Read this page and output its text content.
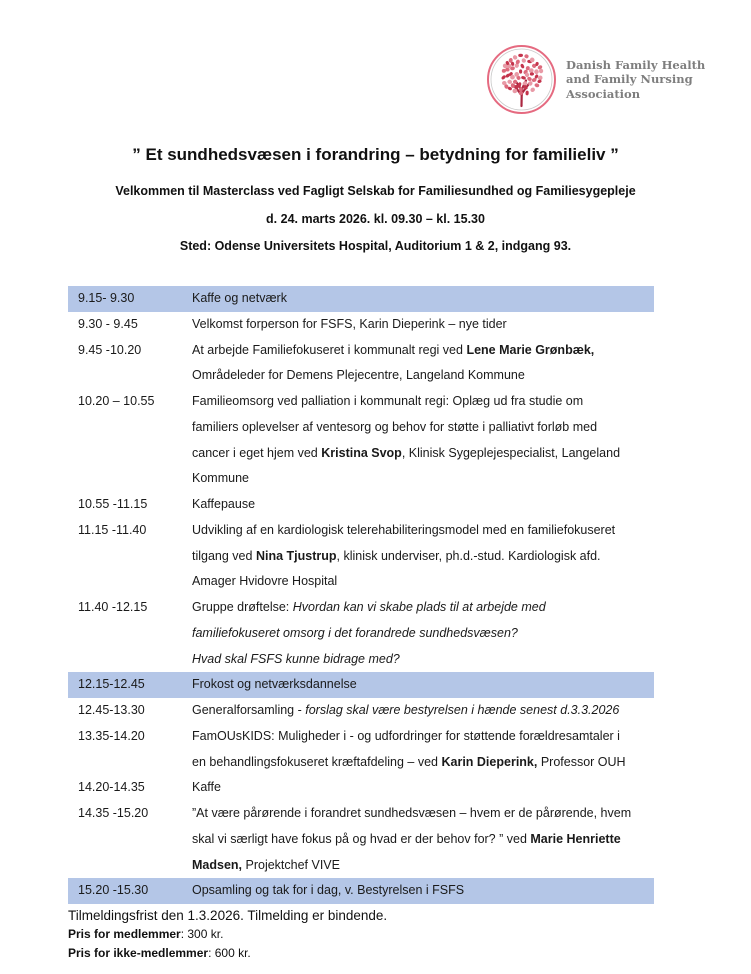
Danish Family Health
and Family Nursing
Association
” Et sundhedsvæsen i forandring – betydning for familieliv ”
Velkommen til Masterclass ved Fagligt Selskab for Familiesundhed og Familiesygepleje
d. 24. marts 2026. kl. 09.30 – kl. 15.30
Sted: Odense Universitets Hospital, Auditorium 1 & 2, indgang 93.
9.15- 9.30	Kaffe og netværk
9.30 - 9.45	Velkomst forperson for FSFS, Karin Dieperink – nye tider
9.45 -10.20	At arbejde Familiefokuseret i kommunalt regi ved Lene Marie Grønbæk,
Områdeleder for Demens Plejecentre, Langeland Kommune
10.20 – 10.55	Familieomsorg ved palliation i kommunalt regi: Oplæg ud fra studie om
familiers oplevelser af ventesorg og behov for støtte i palliativt forløb med
cancer i eget hjem ved Kristina Svop, Klinisk Sygeplejespecialist, Langeland
Kommune
10.55 -11.15	Kaffepause
11.15 -11.40	Udvikling af en kardiologisk telerehabiliteringsmodel med en familiefokuseret
tilgang ved Nina Tjustrup, klinisk underviser, ph.d.-stud. Kardiologisk afd.
Amager Hvidovre Hospital
11.40 -12.15	Gruppe drøftelse: Hvordan kan vi skabe plads til at arbejde med
familiefokuseret omsorg i det forandrede sundhedsvæsen?
Hvad skal FSFS kunne bidrage med?
12.15-12.45	Frokost og netværksdannelse
12.45-13.30	Generalforsamling - forslag skal være bestyrelsen i hænde senest d.3.3.2026
13.35-14.20	FamOUsKIDS: Muligheder i - og udfordringer for støttende forældresamtaler i
en behandlingsfokuseret kræftafdeling – ved Karin Dieperink, Professor OUH
14.20-14.35	Kaffe
14.35 -15.20	”At være pårørende i forandret sundhedsvæsen – hvem er de pårørende, hvem
skal vi særligt have fokus på og hvad er der behov for? ” ved Marie Henriette
Madsen, Projektchef VIVE
15.20 -15.30	Opsamling og tak for i dag, v. Bestyrelsen i FSFS
Tilmeldingsfrist den 1.3.2026. Tilmelding er bindende.
Pris for medlemmer: 300 kr.
Pris for ikke-medlemmer: 600 kr.
